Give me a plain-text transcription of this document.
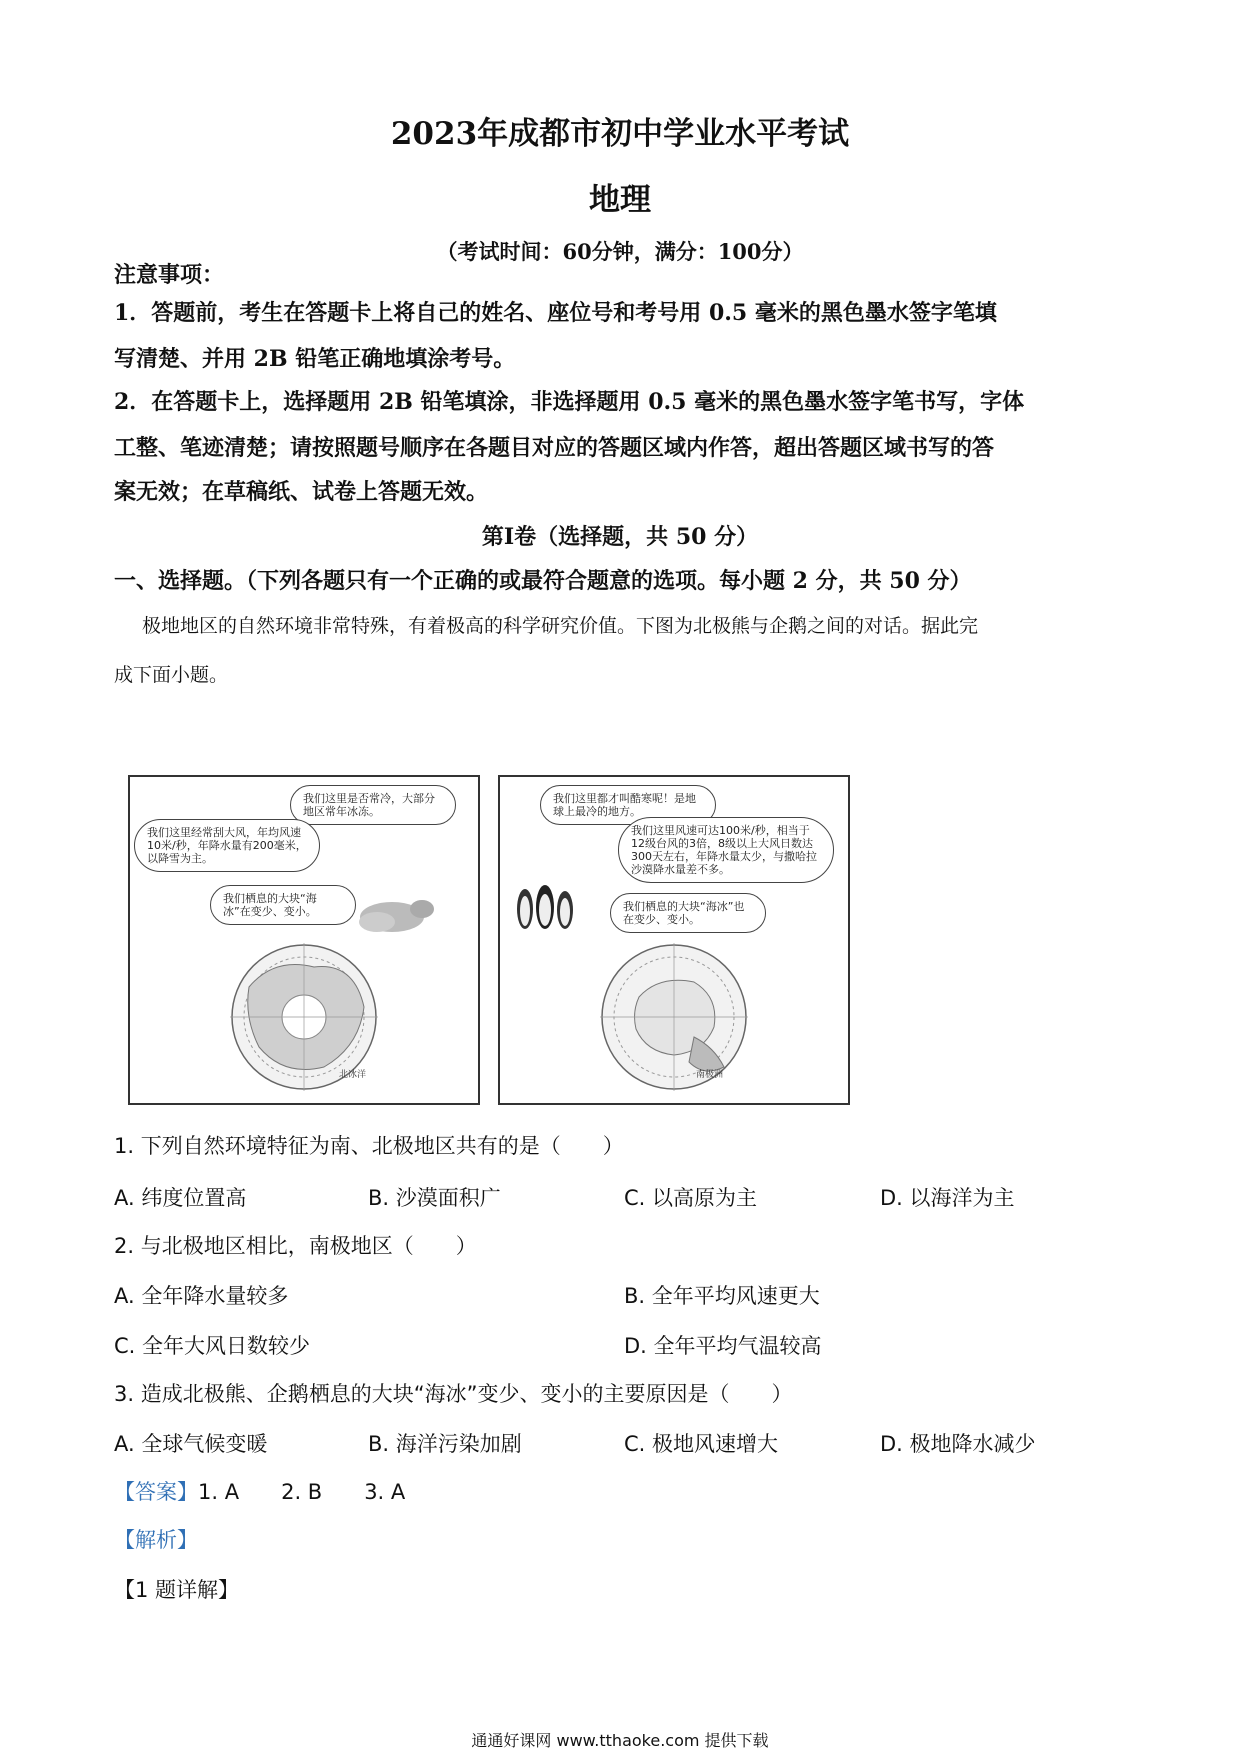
2023年成都市初中学业水平考试
地理
（考试时间：60分钟，满分：100分）
注意事项：
1．答题前，考生在答题卡上将自己的姓名、座位号和考号用 0.5 毫米的黑色墨水签字笔填
写清楚、并用 2B 铅笔正确地填涂考号。
2．在答题卡上，选择题用 2B 铅笔填涂，非选择题用 0.5 毫米的黑色墨水签字笔书写，字体
工整、笔迹清楚；请按照题号顺序在各题目对应的答题区域内作答，超出答题区域书写的答
案无效；在草稿纸、试卷上答题无效。
第Ⅰ卷（选择题，共 50 分）
一、选择题。（下列各题只有一个正确的或最符合题意的选项。每小题 2 分，共 50 分）
极地地区的自然环境非常特殊，有着极高的科学研究价值。下图为北极熊与企鹅之间的对话。据此完
成下面小题。
我们这里是否常冷，大部分地区常年冰冻。
我们这里经常刮大风，年均风速10米/秒，年降水量有200毫米，以降雪为主。
我们栖息的大块“海冰”在变少、变小。
北冰洋
我们这里都才叫酷寒呢！是地球上最冷的地方。
我们这里风速可达100米/秒，相当于12级台风的3倍，8级以上大风日数达300天左右，年降水量太少，与撒哈拉沙漠降水量差不多。
我们栖息的大块“海冰”也在变少、变小。
南极洲
1. 下列自然环境特征为南、北极地区共有的是（　　）
A. 纬度位置高	B. 沙漠面积广	C. 以高原为主	D. 以海洋为主
2. 与北极地区相比，南极地区（　　）
A. 全年降水量较多	B. 全年平均风速更大
C. 全年大风日数较少	D. 全年平均气温较高
3. 造成北极熊、企鹅栖息的大块“海冰”变少、变小的主要原因是（　　）
A. 全球气候变暖	B. 海洋污染加剧	C. 极地风速增大	D. 极地降水减少
【答案】1. A　　2. B　　3. A
【解析】
【1 题详解】
通通好课网 www.tthaoke.com 提供下载
